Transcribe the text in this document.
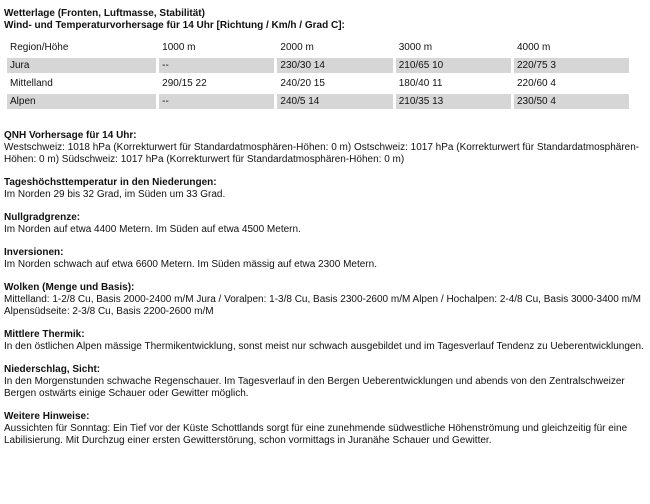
Wetterlage (Fronten, Luftmasse, Stabilität)
Wind- und Temperaturvorhersage für 14 Uhr [Richtung / Km/h / Grad C]:
Region/Höhe	1000 m	2000 m	3000 m	4000 m
Jura	--	230/30 14	210/65 10	220/75 3
Mittelland	290/15 22	240/20 15	180/40 11	220/60 4
Alpen	--	240/5 14	210/35 13	230/50 4
QNH Vorhersage für 14 Uhr:
Westschweiz: 1018 hPa (Korrekturwert für Standardatmosphären-Höhen: 0 m) Ostschweiz: 1017 hPa (Korrekturwert für Standardatmosphären-Höhen: 0 m) Südschweiz: 1017 hPa (Korrekturwert für Standardatmosphären-Höhen: 0 m)
Tageshöchsttemperatur in den Niederungen:
Im Norden 29 bis 32 Grad, im Süden um 33 Grad.
Nullgradgrenze:
Im Norden auf etwa 4400 Metern. Im Süden auf etwa 4500 Metern.
Inversionen:
Im Norden schwach auf etwa 6600 Metern. Im Süden mässig auf etwa 2300 Metern.
Wolken (Menge und Basis):
Mittelland: 1-2/8 Cu, Basis 2000-2400 m/M Jura / Voralpen: 1-3/8 Cu, Basis 2300-2600 m/M Alpen / Hochalpen: 2-4/8 Cu, Basis 3000-3400 m/M Alpensüdseite: 2-3/8 Cu, Basis 2200-2600 m/M
Mittlere Thermik:
In den östlichen Alpen mässige Thermikentwicklung, sonst meist nur schwach ausgebildet und im Tagesverlauf Tendenz zu Ueberentwicklungen.
Niederschlag, Sicht:
In den Morgenstunden schwache Regenschauer. Im Tagesverlauf in den Bergen Ueberentwicklungen und abends von den Zentralschweizer Bergen ostwärts einige Schauer oder Gewitter möglich.
Weitere Hinweise:
Aussichten für Sonntag: Ein Tief vor der Küste Schottlands sorgt für eine zunehmende südwestliche Höhenströmung und gleichzeitig für eine Labilisierung. Mit Durchzug einer ersten Gewitterstörung, schon vormittags in Juranähe Schauer und Gewitter.
